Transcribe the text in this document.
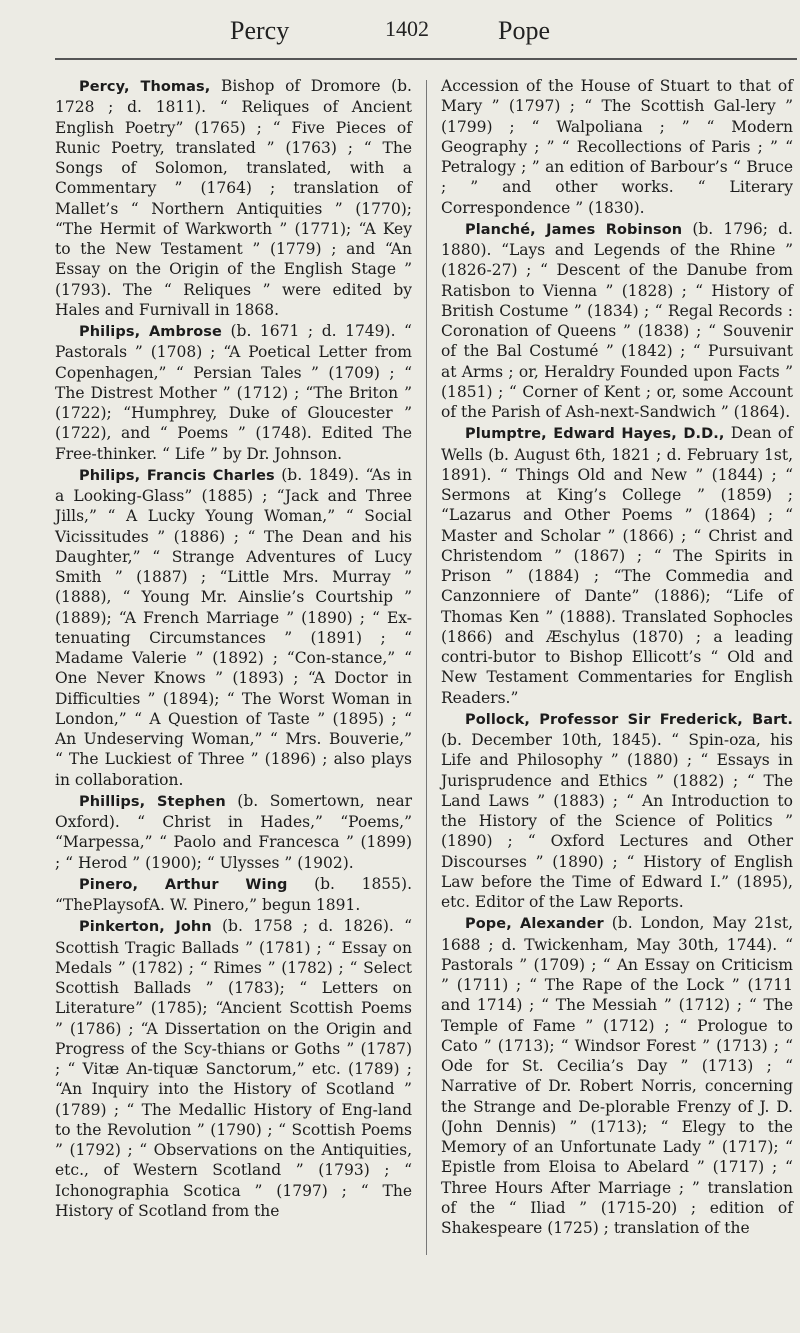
Percy	1402	Pope

Percy, Thomas, Bishop of Dromore (b. 1728 ; d. 1811). “ Reliques of Ancient English Poetry” (1765) ; “ Five Pieces of Runic Poetry, translated ” (1763) ; “ The Songs of Solomon, translated, with a Commentary ” (1764) ; translation of Mallet’s “ Northern Antiquities ” (1770); “The Hermit of Warkworth ” (1771); “A Key to the New Testament ” (1779) ; and “An Essay on the Origin of the English Stage ” (1793). The “ Reliques ” were edited by Hales and Furnivall in 1868.

Philips, Ambrose (b. 1671 ; d. 1749). “ Pastorals ” (1708) ; “A Poetical Letter from Copenhagen,” “ Persian Tales ” (1709) ; “ The Distrest Mother ” (1712) ; “The Briton ” (1722); “Humphrey, Duke of Gloucester ” (1722), and “ Poems ” (1748). Edited The Free-thinker. “ Life ” by Dr. Johnson.

Philips, Francis Charles (b. 1849). “As in a Looking-Glass” (1885) ; “Jack and Three Jills,” “ A Lucky Young Woman,” “ Social Vicissitudes ” (1886) ; “ The Dean and his Daughter,” “ Strange Adventures of Lucy Smith ” (1887) ; “Little Mrs. Murray ” (1888), “ Young Mr. Ainslie’s Courtship ” (1889); “A French Marriage ” (1890) ; “ Ex-tenuating Circumstances ” (1891) ; “ Madame Valerie ” (1892) ; “Con-stance,” “ One Never Knows ” (1893) ; “A Doctor in Difficulties ” (1894); “ The Worst Woman in London,” “ A Question of Taste ” (1895) ; “ An Undeserving Woman,” “ Mrs. Bouverie,” “ The Luckiest of Three ” (1896) ; also plays in collaboration.

Phillips, Stephen (b. Somertown, near Oxford). “ Christ in Hades,” “Poems,” “Marpessa,” “ Paolo and Francesca ” (1899) ; “ Herod ” (1900); “ Ulysses ” (1902).

Pinero, Arthur Wing (b. 1855). “ThePlaysofA. W. Pinero,” begun 1891.

Pinkerton, John (b. 1758 ; d. 1826). “ Scottish Tragic Ballads ” (1781) ; “ Essay on Medals ” (1782) ; “ Rimes ” (1782) ; “ Select Scottish Ballads ” (1783); “ Letters on Literature” (1785); “Ancient Scottish Poems ” (1786) ; “A Dissertation on the Origin and Progress of the Scy-thians or Goths ” (1787) ; “ Vitæ An-tiquæ Sanctorum,” etc. (1789) ; “An Inquiry into the History of Scotland ” (1789) ; “ The Medallic History of Eng-land to the Revolution ” (1790) ; “ Scottish Poems ” (1792) ; “ Observations on the Antiquities, etc., of Western Scotland ” (1793) ; “ Ichonographia Scotica ” (1797) ; “ The History of Scotland from the

Accession of the House of Stuart to that of Mary ” (1797) ; “ The Scottish Gal-lery ” (1799) ; “ Walpoliana ; ” “ Modern Geography ; ” “ Recollections of Paris ; ” “ Petralogy ; ” an edition of Barbour’s “ Bruce ; ” and other works. “ Literary Correspondence ” (1830).

Planché, James Robinson (b. 1796; d. 1880). “Lays and Legends of the Rhine ” (1826-27) ; “ Descent of the Danube from Ratisbon to Vienna ” (1828) ; “ History of British Costume ” (1834) ; “ Regal Records : Coronation of Queens ” (1838) ; “ Souvenir of the Bal Costumé ” (1842) ; “ Pursuivant at Arms ; or, Heraldry Founded upon Facts ” (1851) ; “ Corner of Kent ; or, some Account of the Parish of Ash-next-Sandwich ” (1864).

Plumptre, Edward Hayes, D.D., Dean of Wells (b. August 6th, 1821 ; d. February 1st, 1891). “ Things Old and New ” (1844) ; “ Sermons at King’s College ” (1859) ; “Lazarus and Other Poems ” (1864) ; “ Master and Scholar ” (1866) ; “ Christ and Christendom ” (1867) ; “ The Spirits in Prison ” (1884) ; “The Commedia and Canzonniere of Dante” (1886); “Life of Thomas Ken ” (1888). Translated Sophocles (1866) and Æschylus (1870) ; a leading contri-butor to Bishop Ellicott’s “ Old and New Testament Commentaries for English Readers.”

Pollock, Professor Sir Frederick, Bart. (b. December 10th, 1845). “ Spin-oza, his Life and Philosophy ” (1880) ; “ Essays in Jurisprudence and Ethics ” (1882) ; “ The Land Laws ” (1883) ; “ An Introduction to the History of the Science of Politics ” (1890) ; “ Oxford Lectures and Other Discourses ” (1890) ; “ History of English Law before the Time of Edward I.” (1895), etc. Editor of the Law Reports.

Pope, Alexander (b. London, May 21st, 1688 ; d. Twickenham, May 30th, 1744). “ Pastorals ” (1709) ; “ An Essay on Criticism ” (1711) ; “ The Rape of the Lock ” (1711 and 1714) ; “ The Messiah ” (1712) ; “ The Temple of Fame ” (1712) ; “ Prologue to Cato ” (1713); “ Windsor Forest ” (1713) ; “ Ode for St. Cecilia’s Day ” (1713) ; “ Narrative of Dr. Robert Norris, concerning the Strange and De-plorable Frenzy of J. D. (John Dennis) ” (1713); “ Elegy to the Memory of an Unfortunate Lady ” (1717); “ Epistle from Eloisa to Abelard ” (1717) ; “ Three Hours After Marriage ; ” translation of the “ Iliad ” (1715-20) ; edition of Shakespeare (1725) ; translation of the
